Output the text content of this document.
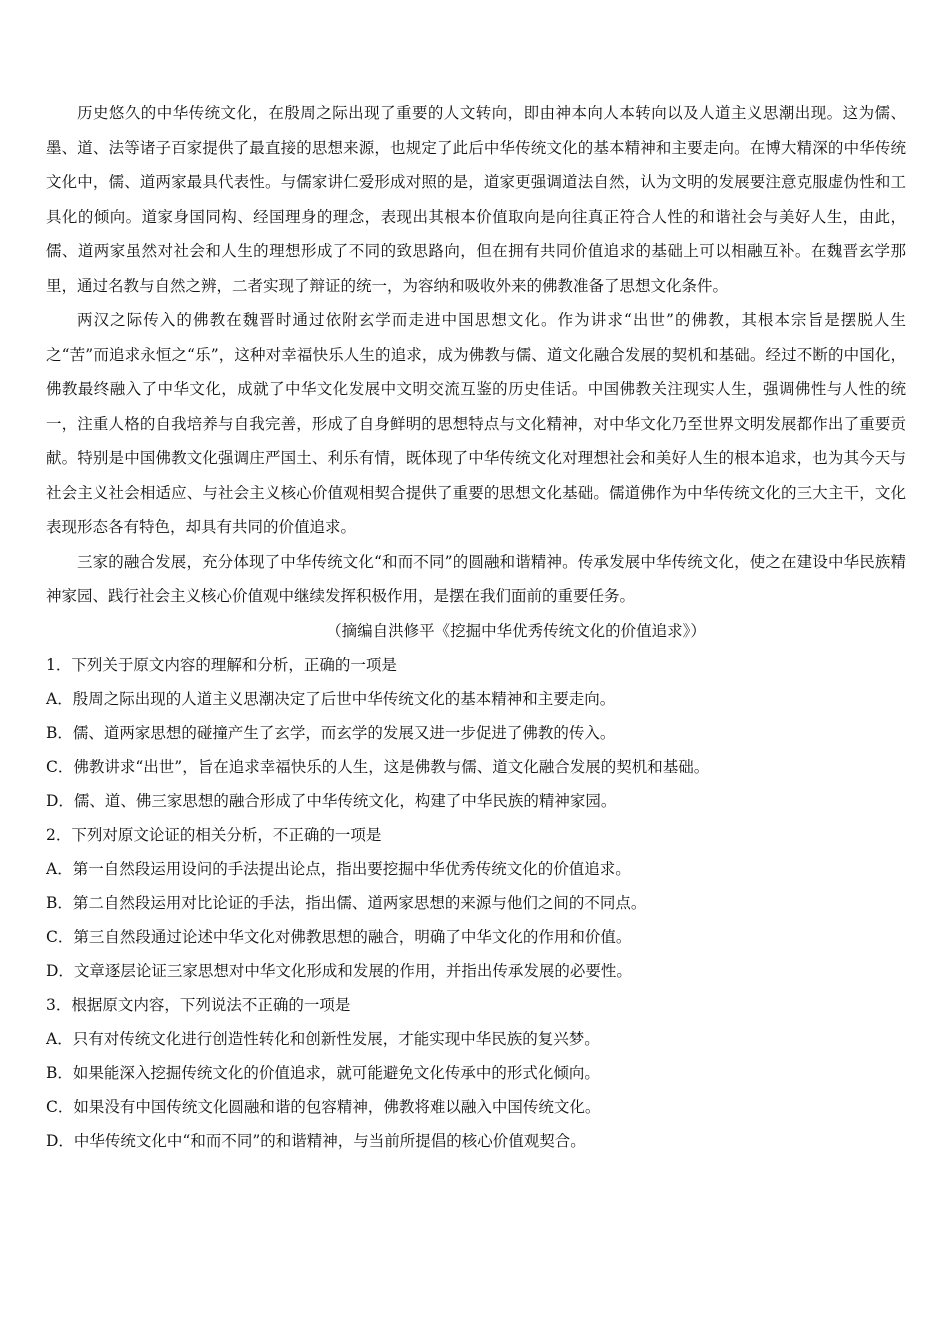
历史悠久的中华传统文化，在殷周之际出现了重要的人文转向，即由神本向人本转向以及人道主义思潮出现。这为儒、墨、道、法等诸子百家提供了最直接的思想来源，也规定了此后中华传统文化的基本精神和主要走向。在博大精深的中华传统文化中，儒、道两家最具代表性。与儒家讲仁爱形成对照的是，道家更强调道法自然，认为文明的发展要注意克服虚伪性和工具化的倾向。道家身国同构、经国理身的理念，表现出其根本价值取向是向往真正符合人性的和谐社会与美好人生，由此，儒、道两家虽然对社会和人生的理想形成了不同的致思路向，但在拥有共同价值追求的基础上可以相融互补。在魏晋玄学那里，通过名教与自然之辨，二者实现了辩证的统一，为容纳和吸收外来的佛教准备了思想文化条件。

两汉之际传入的佛教在魏晋时通过依附玄学而走进中国思想文化。作为讲求“出世”的佛教，其根本宗旨是摆脱人生之“苦”而追求永恒之“乐”，这种对幸福快乐人生的追求，成为佛教与儒、道文化融合发展的契机和基础。经过不断的中国化，佛教最终融入了中华文化，成就了中华文化发展中文明交流互鉴的历史佳话。中国佛教关注现实人生，强调佛性与人性的统一，注重人格的自我培养与自我完善，形成了自身鲜明的思想特点与文化精神，对中华文化乃至世界文明发展都作出了重要贡献。特别是中国佛教文化强调庄严国土、利乐有情，既体现了中华传统文化对理想社会和美好人生的根本追求，也为其今天与社会主义社会相适应、与社会主义核心价值观相契合提供了重要的思想文化基础。儒道佛作为中华传统文化的三大主干，文化表现形态各有特色，却具有共同的价值追求。

三家的融合发展，充分体现了中华传统文化“和而不同”的圆融和谐精神。传承发展中华传统文化，使之在建设中华民族精神家园、践行社会主义核心价值观中继续发挥积极作用，是摆在我们面前的重要任务。

（摘编自洪修平《挖掘中华优秀传统文化的价值追求》）

1．下列关于原文内容的理解和分析，正确的一项是

A．殷周之际出现的人道主义思潮决定了后世中华传统文化的基本精神和主要走向。

B．儒、道两家思想的碰撞产生了玄学，而玄学的发展又进一步促进了佛教的传入。

C．佛教讲求“出世”，旨在追求幸福快乐的人生，这是佛教与儒、道文化融合发展的契机和基础。

D．儒、道、佛三家思想的融合形成了中华传统文化，构建了中华民族的精神家园。

2．下列对原文论证的相关分析，不正确的一项是

A．第一自然段运用设问的手法提出论点，指出要挖掘中华优秀传统文化的价值追求。

B．第二自然段运用对比论证的手法，指出儒、道两家思想的来源与他们之间的不同点。

C．第三自然段通过论述中华文化对佛教思想的融合，明确了中华文化的作用和价值。

D．文章逐层论证三家思想对中华文化形成和发展的作用，并指出传承发展的必要性。

3．根据原文内容，下列说法不正确的一项是

A．只有对传统文化进行创造性转化和创新性发展，才能实现中华民族的复兴梦。

B．如果能深入挖掘传统文化的价值追求，就可能避免文化传承中的形式化倾向。

C．如果没有中国传统文化圆融和谐的包容精神，佛教将难以融入中国传统文化。

D．中华传统文化中“和而不同”的和谐精神，与当前所提倡的核心价值观契合。
